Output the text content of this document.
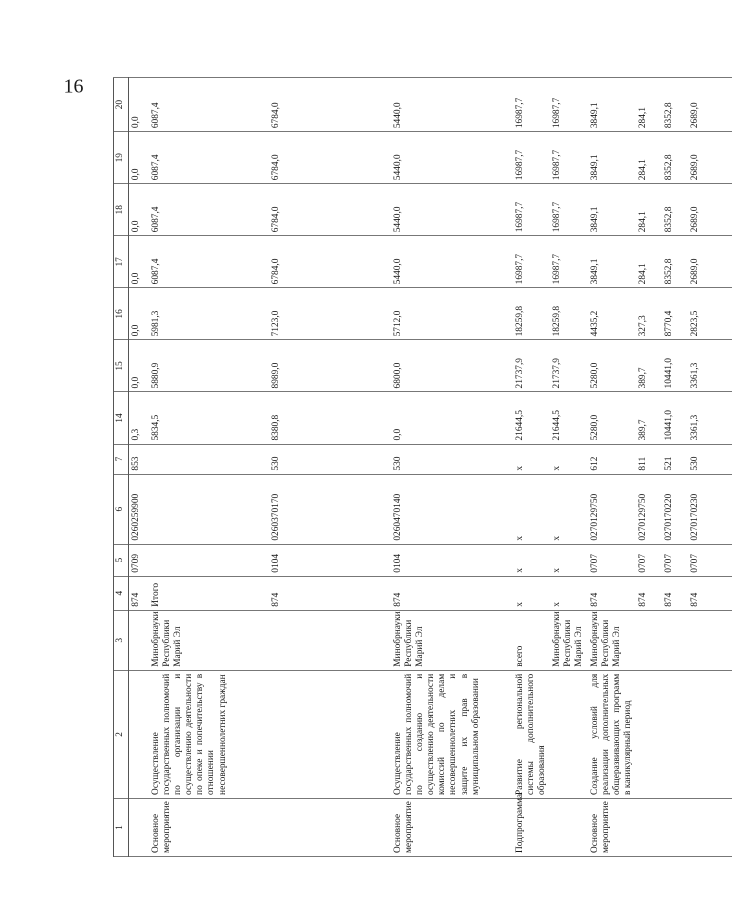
16
1	2	3	4	5	6	7	14	15	16	17	18	19	20
			874	0709	0260259900	853	0,3	0,0	0,0	0,0	0,0	0,0	0,0
Основное мероприятие	Осуществление государственных полномочий по организации и осуществлению деятельности по опеке и попечительству в отношении несовершеннолетних граждан	Минобрнауки Республики Марий Эл	Итого				5834,5	5880,9	5981,3	6087,4	6087,4	6087,4	6087,4
			874	0104	0260370170	530	8380,8	8989,0	7123,0	6784,0	6784,0	6784,0	6784,0
Основное мероприятие	Осуществление государственных полномочий по созданию и осуществлению деятельности комиссий по делам несовершеннолетних и защите их прав в муниципальном образовании	Минобрнауки Республики Марий Эл	874	0104	0260470140	530	0,0	6800,0	5712,0	5440,0	5440,0	5440,0	5440,0
Подпрограмма	Развитие региональной системы дополнительного образования	всего	х	х	х	х	21644,5	21737,9	18259,8	16987,7	16987,7	16987,7	16987,7
		Минобрнауки Республики Марий Эл	х	х	х	х	21644,5	21737,9	18259,8	16987,7	16987,7	16987,7	16987,7
Основное мероприятие	Создание условий для реализации дополнительных общеразвивающих программ в каникулярный период	Минобрнауки Республики Марий Эл	874	0707	0270129750	612	5280,0	5280,0	4435,2	3849,1	3849,1	3849,1	3849,1
			874	0707	0270129750	811	389,7	389,7	327,3	284,1	284,1	284,1	284,1
			874	0707	0270170220	521	10441,0	10441,0	8770,4	8352,8	8352,8	8352,8	8352,8
			874	0707	0270170230	530	3361,3	3361,3	2823,5	2689,0	2689,0	2689,0	2689,0
